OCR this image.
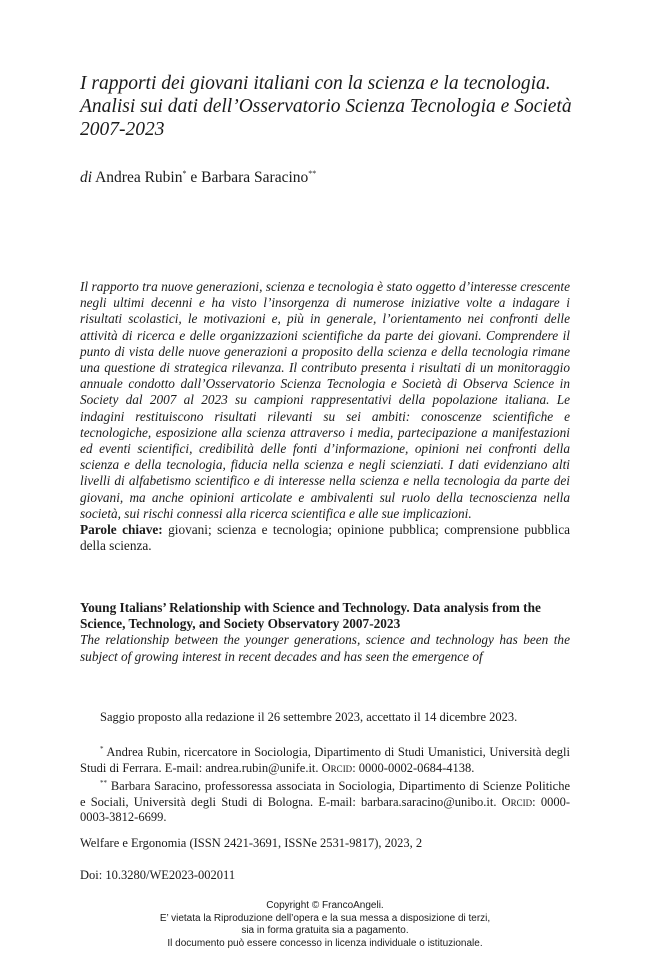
I rapporti dei giovani italiani con la scienza e la tecnologia. Analisi sui dati dell’Osservatorio Scienza Tecnologia e Società 2007-2023
di Andrea Rubin* e Barbara Saracino**

Il rapporto tra nuove generazioni, scienza e tecnologia è stato oggetto d’interesse crescente negli ultimi decenni e ha visto l’insorgenza di numerose iniziative volte a indagare i risultati scolastici, le motivazioni e, più in generale, l’orientamento nei confronti delle attività di ricerca e delle organizzazioni scientifiche da parte dei giovani. Comprendere il punto di vista delle nuove generazioni a proposito della scienza e della tecnologia rimane una questione di strategica rilevanza. Il contributo presenta i risultati di un monitoraggio annuale condotto dall’Osservatorio Scienza Tecnologia e Società di Observa Science in Society dal 2007 al 2023 su campioni rappresentativi della popolazione italiana. Le indagini restituiscono risultati rilevanti su sei ambiti: conoscenze scientifiche e tecnologiche, esposizione alla scienza attraverso i media, partecipazione a manifestazioni ed eventi scientifici, credibilità delle fonti d’informazione, opinioni nei confronti della scienza e della tecnologia, fiducia nella scienza e negli scienziati. I dati evidenziano alti livelli di alfabetismo scientifico e di interesse nella scienza e nella tecnologia da parte dei giovani, ma anche opinioni articolate e ambivalenti sul ruolo della tecnoscienza nella società, sui rischi connessi alla ricerca scientifica e alle sue implicazioni.

Parole chiave: giovani; scienza e tecnologia; opinione pubblica; comprensione pubblica della scienza.

Young Italians’ Relationship with Science and Technology. Data analysis from the Science, Technology, and Society Observatory 2007-2023

The relationship between the younger generations, science and technology has been the subject of growing interest in recent decades and has seen the emergence of

Saggio proposto alla redazione il 26 settembre 2023, accettato il 14 dicembre 2023.

* Andrea Rubin, ricercatore in Sociologia, Dipartimento di Studi Umanistici, Università degli Studi di Ferrara. E-mail: andrea.rubin@unife.it. Orcid: 0000-0002-0684-4138.

** Barbara Saracino, professoressa associata in Sociologia, Dipartimento di Scienze Politiche e Sociali, Università degli Studi di Bologna. E-mail: barbara.saracino@unibo.it. Orcid: 0000-0003-3812-6699.

Welfare e Ergonomia (ISSN 2421-3691, ISSNe 2531-9817), 2023, 2
Doi: 10.3280/WE2023-002011
Copyright © FrancoAngeli.
E’ vietata la Riproduzione dell’opera e la sua messa a disposizione di terzi,
sia in forma gratuita sia a pagamento.
Il documento può essere concesso in licenza individuale o istituzionale.
